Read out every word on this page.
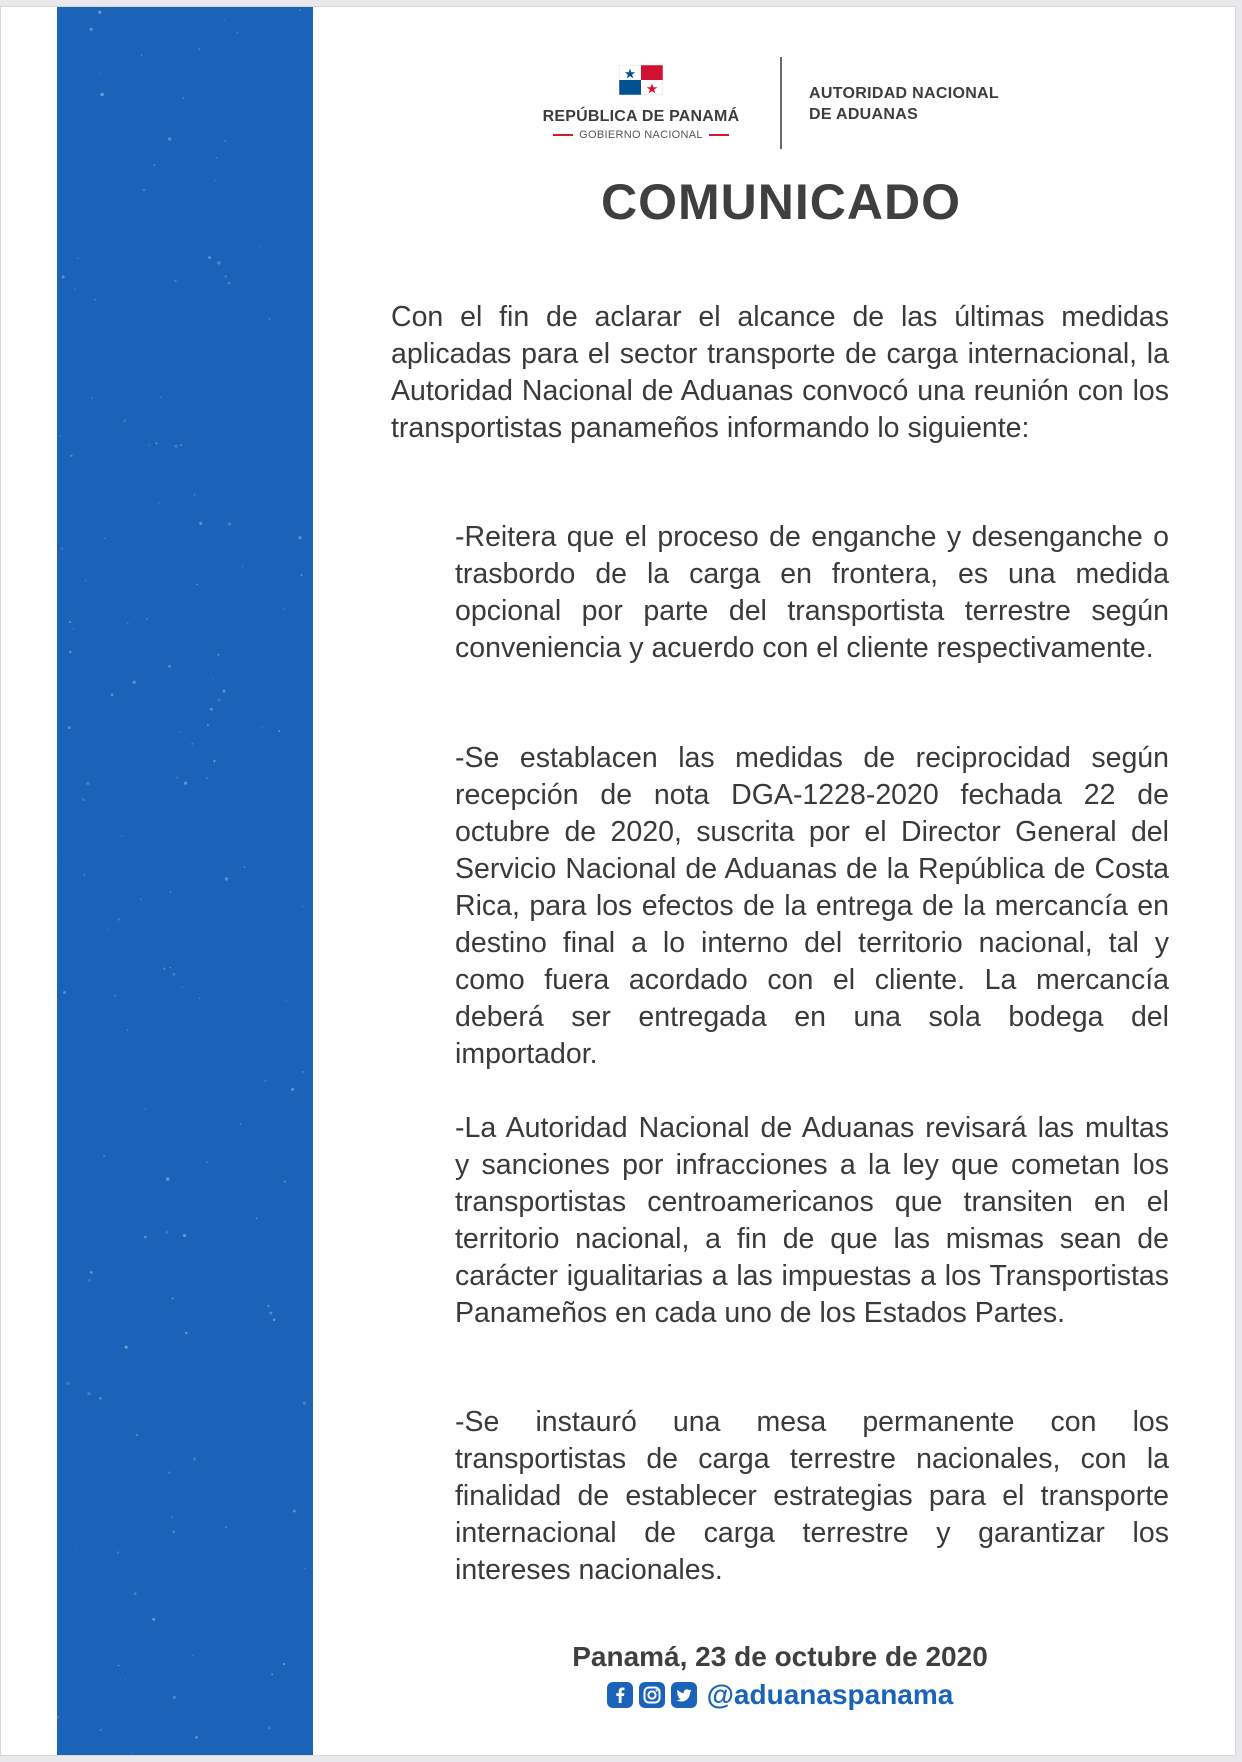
REPÚBLICA DE PANAMÁ
GOBIERNO NACIONAL
AUTORIDAD NACIONAL
DE ADUANAS
COMUNICADO
Con el fin de aclarar el alcance de las últimas medidas aplicadas para el sector transporte de carga internacional, la Autoridad Nacional de Aduanas convocó una reunión con los transportistas panameños informando lo siguiente:
-Reitera que el proceso de enganche y desenganche o trasbordo de la carga en frontera, es una medida opcional por parte del transportista terrestre según conveniencia y acuerdo con el cliente respectivamente.
-Se establacen las medidas de reciprocidad según recepción de nota DGA-1228-2020 fechada 22 de octubre de 2020, suscrita por el Director General del Servicio Nacional de Aduanas de la República de Costa Rica, para los efectos de la entrega de la mercancía en destino final a lo interno del territorio nacional, tal y como fuera acordado con el cliente. La mercancía deberá ser entregada en una sola bodega del importador.
-La Autoridad Nacional de Aduanas revisará las multas y sanciones por infracciones a la ley que cometan los transportistas centroamericanos que transiten en el territorio nacional, a fin de que las mismas sean de carácter igualitarias a las impuestas a los Transportistas Panameños en cada uno de los Estados Partes.
-Se instauró una mesa permanente con los transportistas de carga terrestre nacionales, con la finalidad de establecer estrategias para el transporte internacional de carga terrestre y garantizar los intereses nacionales.
Panamá, 23 de octubre de 2020
@aduanaspanama
